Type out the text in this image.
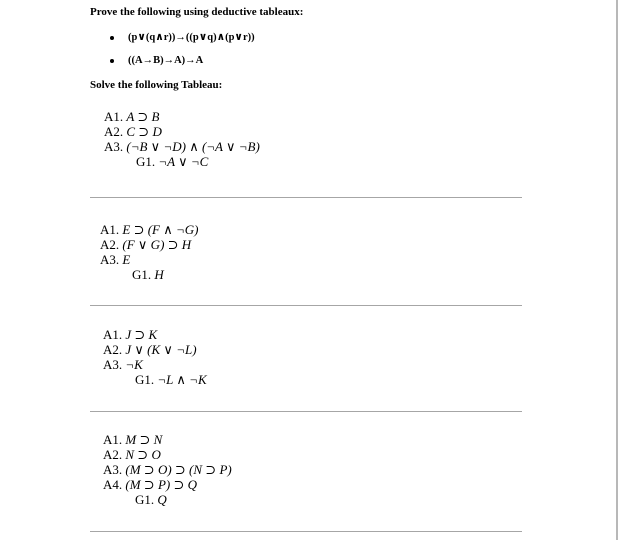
Prove the following using deductive tableaux:
(p∨(q∧r))→((p∨q)∧(p∨r))
((A→B)→A)→A
Solve the following Tableau:
A1. A ⊃ B
A2. C ⊃ D
A3. (¬B ∨ ¬D) ∧ (¬A ∨ ¬B)
G1. ¬A ∨ ¬C
A1. E ⊃ (F ∧ ¬G)
A2. (F ∨ G) ⊃ H
A3. E
G1. H
A1. J ⊃ K
A2. J ∨ (K ∨ ¬L)
A3. ¬K
G1. ¬L ∧ ¬K
A1. M ⊃ N
A2. N ⊃ O
A3. (M ⊃ O) ⊃ (N ⊃ P)
A4. (M ⊃ P) ⊃ Q
G1. Q
